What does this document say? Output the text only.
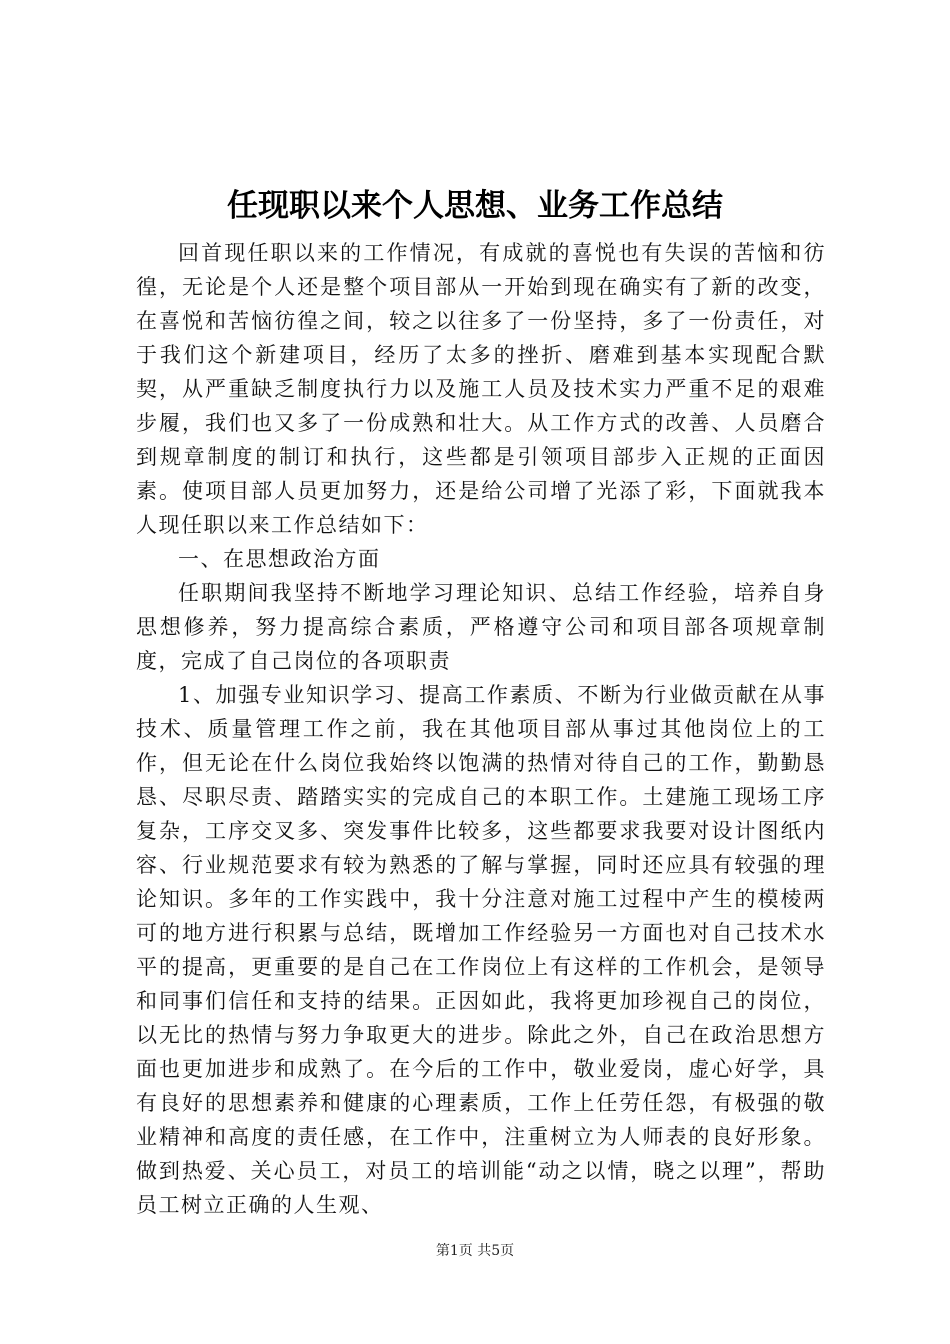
任现职以来个人思想、业务工作总结

回首现任职以来的工作情况，有成就的喜悦也有失误的苦恼和彷徨，无论是个人还是整个项目部从一开始到现在确实有了新的改变，在喜悦和苦恼彷徨之间，较之以往多了一份坚持，多了一份责任，对于我们这个新建项目，经历了太多的挫折、磨难到基本实现配合默契，从严重缺乏制度执行力以及施工人员及技术实力严重不足的艰难步履，我们也又多了一份成熟和壮大。从工作方式的改善、人员磨合到规章制度的制订和执行，这些都是引领项目部步入正规的正面因素。使项目部人员更加努力，还是给公司增了光添了彩，下面就我本人现任职以来工作总结如下：

一、在思想政治方面

任职期间我坚持不断地学习理论知识、总结工作经验，培养自身思想修养，努力提高综合素质，严格遵守公司和项目部各项规章制度，完成了自己岗位的各项职责

1、加强专业知识学习、提高工作素质、不断为行业做贡献在从事技术、质量管理工作之前，我在其他项目部从事过其他岗位上的工作，但无论在什么岗位我始终以饱满的热情对待自己的工作，勤勤恳恳、尽职尽责、踏踏实实的完成自己的本职工作。土建施工现场工序复杂，工序交叉多、突发事件比较多，这些都要求我要对设计图纸内容、行业规范要求有较为熟悉的了解与掌握，同时还应具有较强的理论知识。多年的工作实践中，我十分注意对施工过程中产生的模棱两可的地方进行积累与总结，既增加工作经验另一方面也对自己技术水平的提高，更重要的是自己在工作岗位上有这样的工作机会，是领导和同事们信任和支持的结果。正因如此，我将更加珍视自己的岗位，以无比的热情与努力争取更大的进步。除此之外，自己在政治思想方面也更加进步和成熟了。在今后的工作中，敬业爱岗，虚心好学，具有良好的思想素养和健康的心理素质，工作上任劳任怨，有极强的敬业精神和高度的责任感，在工作中，注重树立为人师表的良好形象。做到热爱、关心员工，对员工的培训能“动之以情，晓之以理”，帮助员工树立正确的人生观、

第1页 共5页
